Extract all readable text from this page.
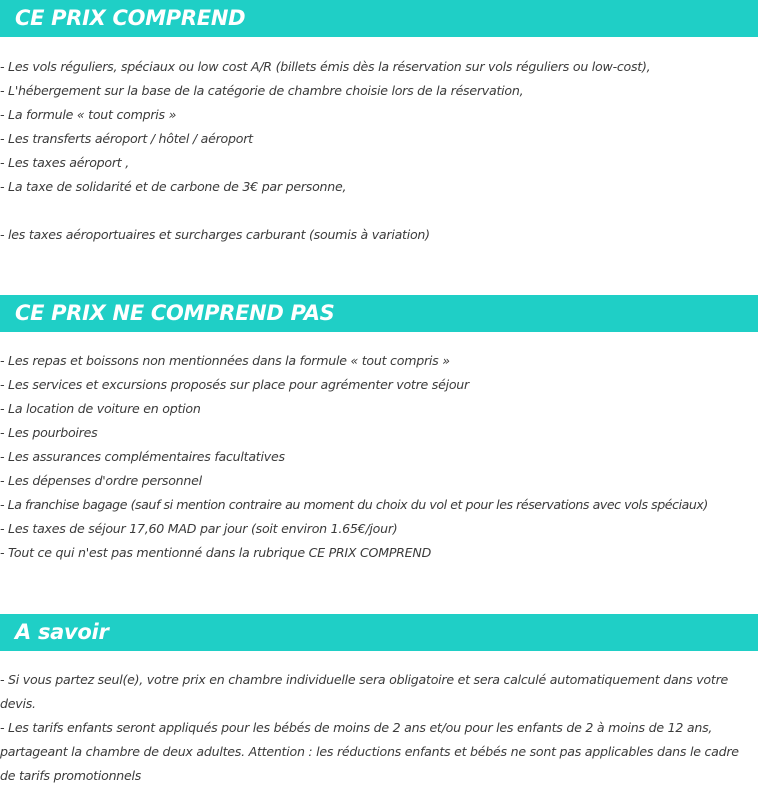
CE PRIX COMPREND
- Les vols réguliers, spéciaux ou low cost A/R (billets émis dès la réservation sur vols réguliers ou low-cost),
- L'hébergement sur la base de la catégorie de chambre choisie lors de la réservation,
- La formule « tout compris »
- Les transferts aéroport / hôtel / aéroport
- Les taxes aéroport ,
- La taxe de solidarité et de carbone de 3€ par personne,
- les taxes aéroportuaires et surcharges carburant (soumis à variation)
CE PRIX NE COMPREND PAS
- Les repas et boissons non mentionnées dans la formule « tout compris »
- Les services et excursions proposés sur place pour agrémenter votre séjour
- La location de voiture en option
- Les pourboires
- Les assurances complémentaires facultatives
- Les dépenses d'ordre personnel
- La franchise bagage (sauf si mention contraire au moment du choix du vol et pour les réservations avec vols spéciaux)
- Les taxes de séjour 17,60 MAD par jour (soit environ 1.65€/jour)
- Tout ce qui n'est pas mentionné dans la rubrique CE PRIX COMPREND
A savoir

- Si vous partez seul(e), votre prix en chambre individuelle sera obligatoire et sera calculé automatiquement dans votre devis.

- Les tarifs enfants seront appliqués pour les bébés de moins de 2 ans et/ou pour les enfants de 2 à moins de 12 ans, partageant la chambre de deux adultes. Attention : les réductions enfants et bébés ne sont pas applicables dans le cadre de tarifs promotionnels
